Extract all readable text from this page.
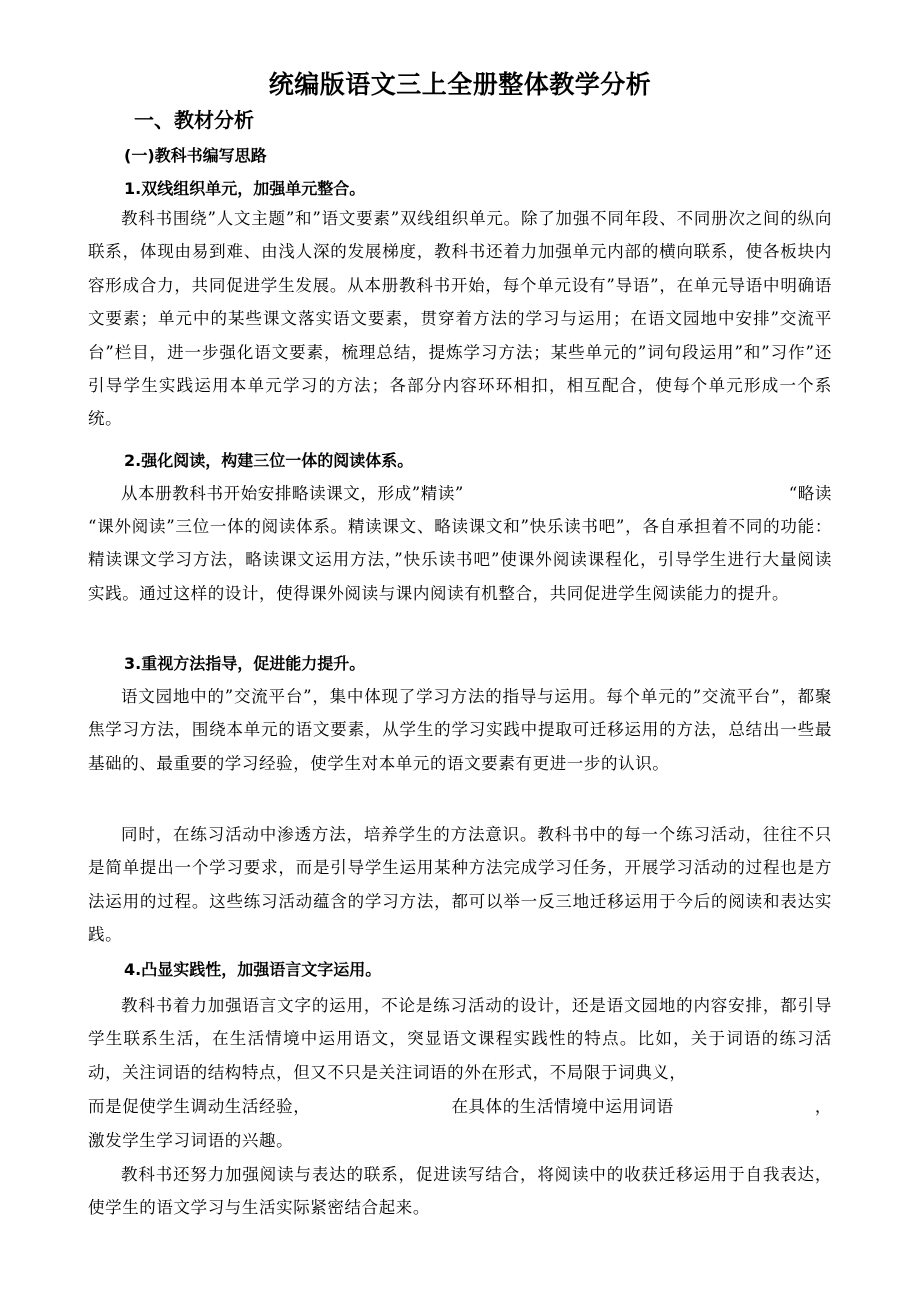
统编版语文三上全册整体教学分析
一、教材分析
(一)教科书编写思路
1.双线组织单元，加强单元整合。

教科书围绕”人文主题”和”语文要素”双线组织单元。除了加强不同年段、不同册次之间的纵向联系，体现由易到难、由浅人深的发展梯度，教科书还着力加强单元内部的横向联系，使各板块内容形成合力，共同促进学生发展。从本册教科书开始，每个单元设有”导语”，在单元导语中明确语文要素；单元中的某些课文落实语文要素，贯穿着方法的学习与运用；在语文园地中安排”交流平台”栏目，进一步强化语文要素，梳理总结，提炼学习方法；某些单元的”词句段运用”和”习作”还引导学生实践运用本单元学习的方法；各部分内容环环相扣，相互配合，使每个单元形成一个系统。

2.强化阅读，构建三位一体的阅读体系。
从本册教科书开始安排略读课文，形成”精读”	“略读

“课外阅读”三位一体的阅读体系。精读课文、略读课文和”快乐读书吧”，各自承担着不同的功能：精读课文学习方法，略读课文运用方法，”快乐读书吧”使课外阅读课程化，引导学生进行大量阅读实践。通过这样的设计，使得课外阅读与课内阅读有机整合，共同促进学生阅读能力的提升。

3.重视方法指导，促进能力提升。

语文园地中的”交流平台”，集中体现了学习方法的指导与运用。每个单元的”交流平台”，都聚焦学习方法，围绕本单元的语文要素，从学生的学习实践中提取可迁移运用的方法，总结出一些最基础的、最重要的学习经验，使学生对本单元的语文要素有更进一步的认识。

同时，在练习活动中渗透方法，培养学生的方法意识。教科书中的每一个练习活动，往往不只是简单提出一个学习要求，而是引导学生运用某种方法完成学习任务，开展学习活动的过程也是方法运用的过程。这些练习活动蕴含的学习方法，都可以举一反三地迁移运用于今后的阅读和表达实践。

4.凸显实践性，加强语言文字运用。

教科书着力加强语言文字的运用，不论是练习活动的设计，还是语文园地的内容安排，都引导学生联系生活，在生活情境中运用语文，突显语文课程实践性的特点。比如，关于词语的练习活动，关注词语的结构特点，但又不只是关注词语的外在形式，不局限于词典义，

而是促使学生调动生活经验，	在具体的生活情境中运用词语	，

激发学生学习词语的兴趣。

教科书还努力加强阅读与表达的联系，促进读写结合，将阅读中的收获迁移运用于自我表达，使学生的语文学习与生活实际紧密结合起来。
